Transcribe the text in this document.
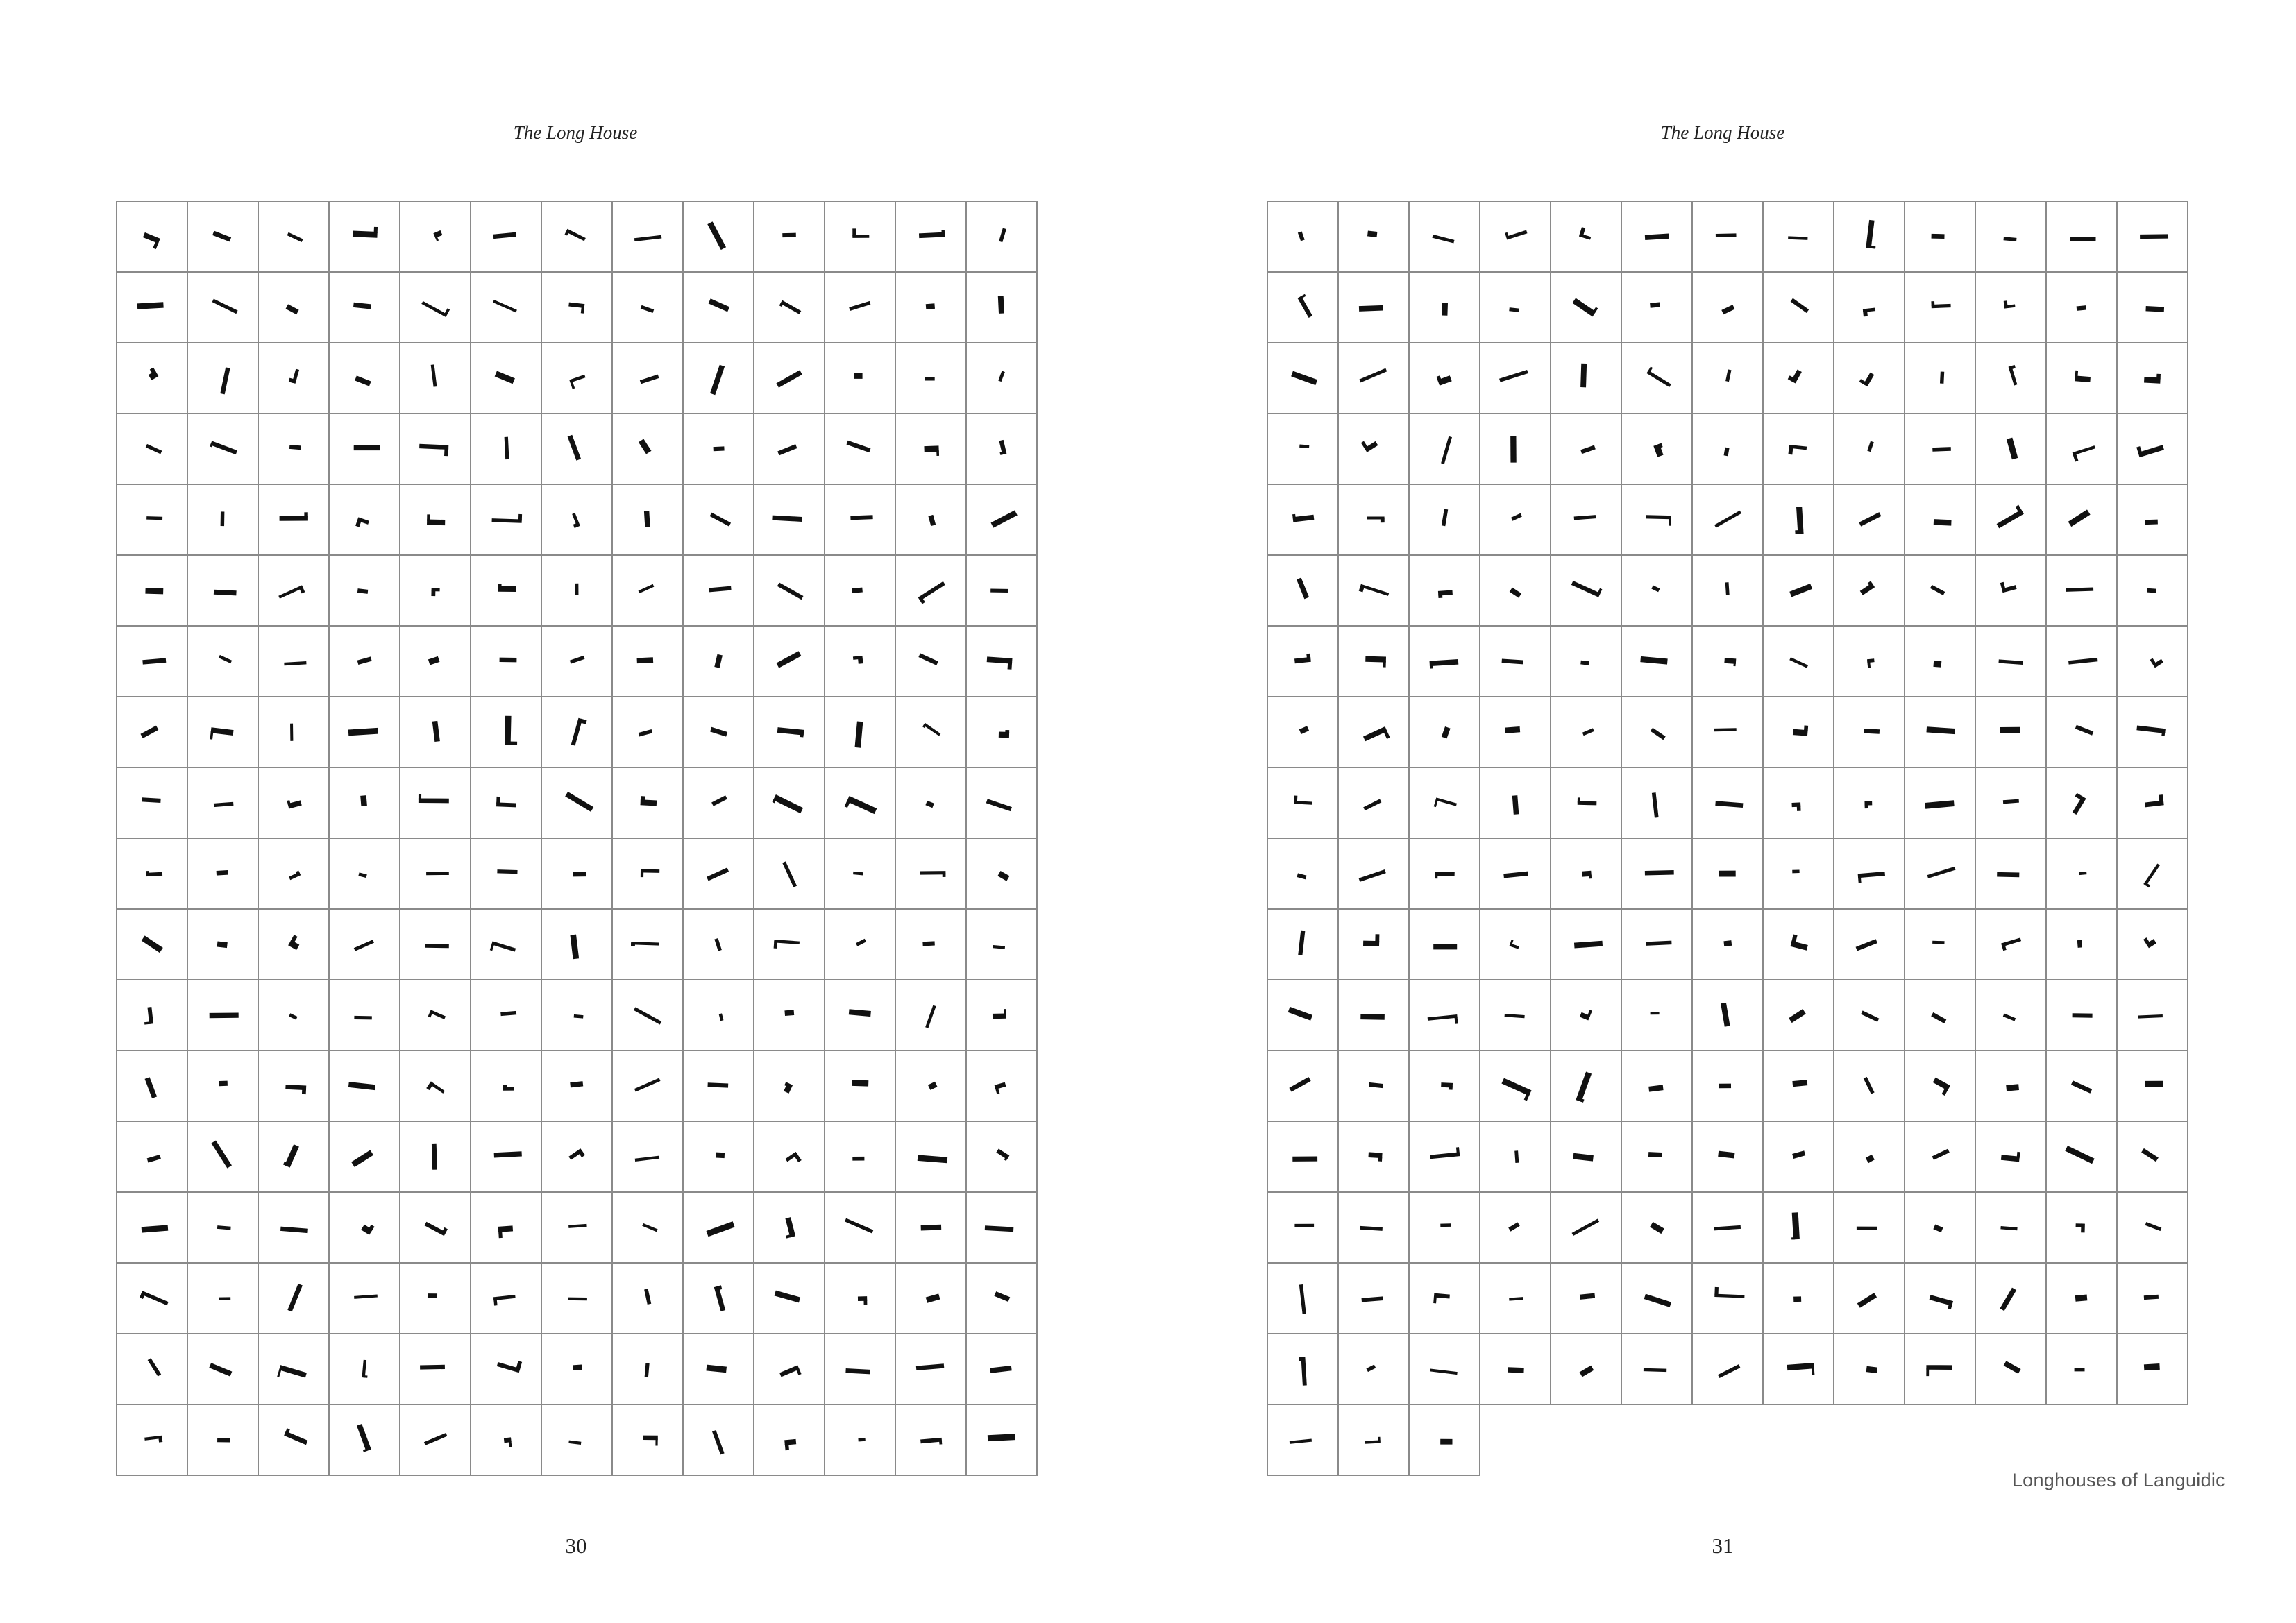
The Long House
30
The Long House
Longhouses of Languidic
31
